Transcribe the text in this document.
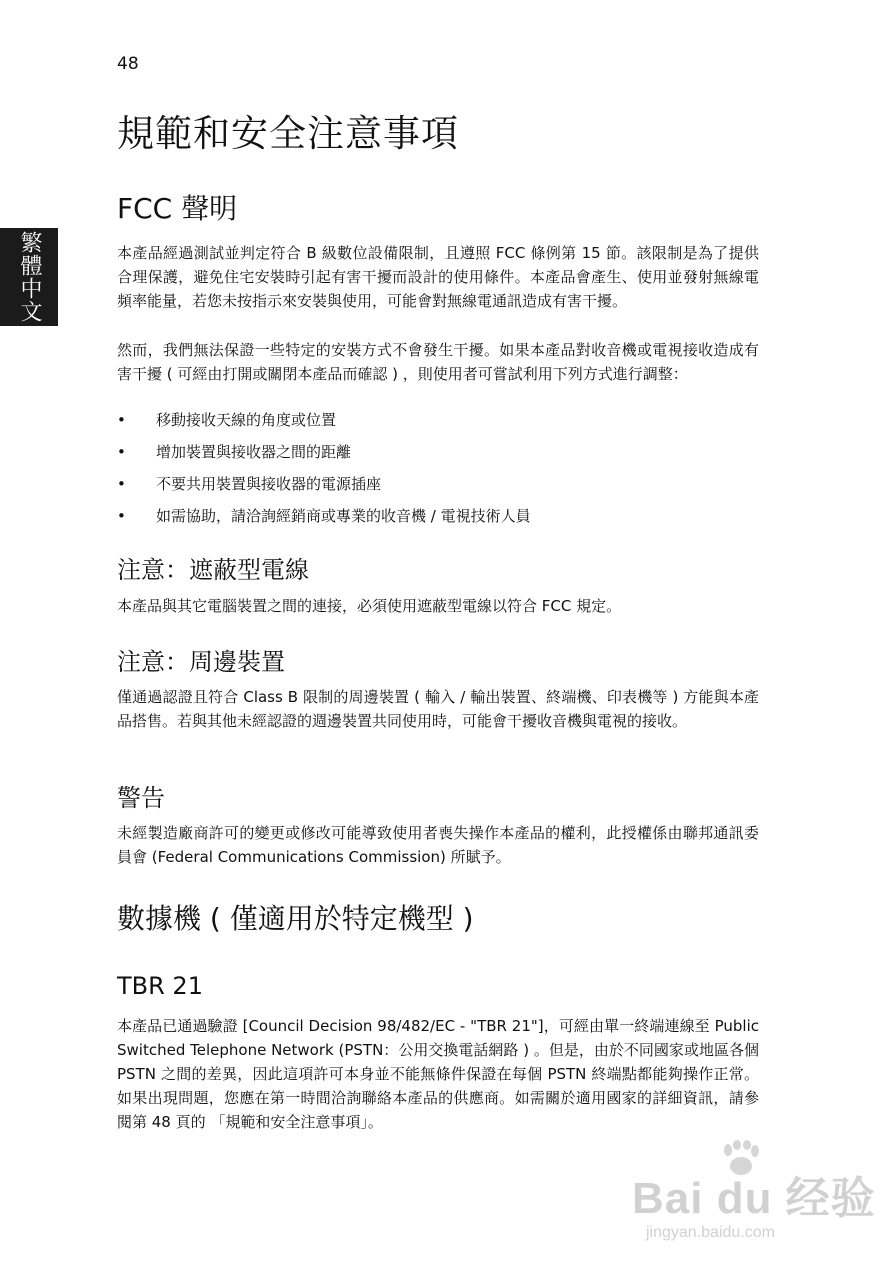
48
繁體中文
規範和安全注意事項
FCC 聲明

本產品經過測試並判定符合 B 級數位設備限制，且遵照 FCC 條例第 15 節。該限制是為了提供合理保護，避免住宅安裝時引起有害干擾而設計的使用條件。本產品會產生、使用並發射無線電頻率能量，若您未按指示來安裝與使用，可能會對無線電通訊造成有害干擾。

然而，我們無法保證一些特定的安裝方式不會發生干擾。如果本產品對收音機或電視接收造成有害干擾 ( 可經由打開或關閉本產品而確認 ) ，則使用者可嘗試利用下列方式進行調整：

• 移動接收天線的角度或位置
• 增加裝置與接收器之間的距離
• 不要共用裝置與接收器的電源插座
• 如需協助，請洽詢經銷商或專業的收音機 / 電視技術人員
注意：遮蔽型電線

本產品與其它電腦裝置之間的連接，必須使用遮蔽型電線以符合 FCC 規定。

注意：周邊裝置

僅通過認證且符合 Class B 限制的周邊裝置 ( 輸入 / 輸出裝置、終端機、印表機等 ) 方能與本產品搭售。若與其他未經認證的週邊裝置共同使用時，可能會干擾收音機與電視的接收。

警告

未經製造廠商許可的變更或修改可能導致使用者喪失操作本產品的權利，此授權係由聯邦通訊委員會 (Federal Communications Commission) 所賦予。

數據機 ( 僅適用於特定機型 )
TBR 21

本產品已通過驗證 [Council Decision 98/482/EC - "TBR 21"]，可經由單一終端連線至 Public Switched Telephone Network (PSTN：公用交換電話網路 ) 。但是，由於不同國家或地區各個 PSTN 之間的差異，因此這項許可本身並不能無條件保證在每個 PSTN 終端點都能夠操作正常。如果出現問題，您應在第一時間洽詢聯絡本產品的供應商。如需關於適用國家的詳細資訊，請參閱第 48 頁的 「規範和安全注意事項」。

Bai du 经验
jingyan.baidu.com
